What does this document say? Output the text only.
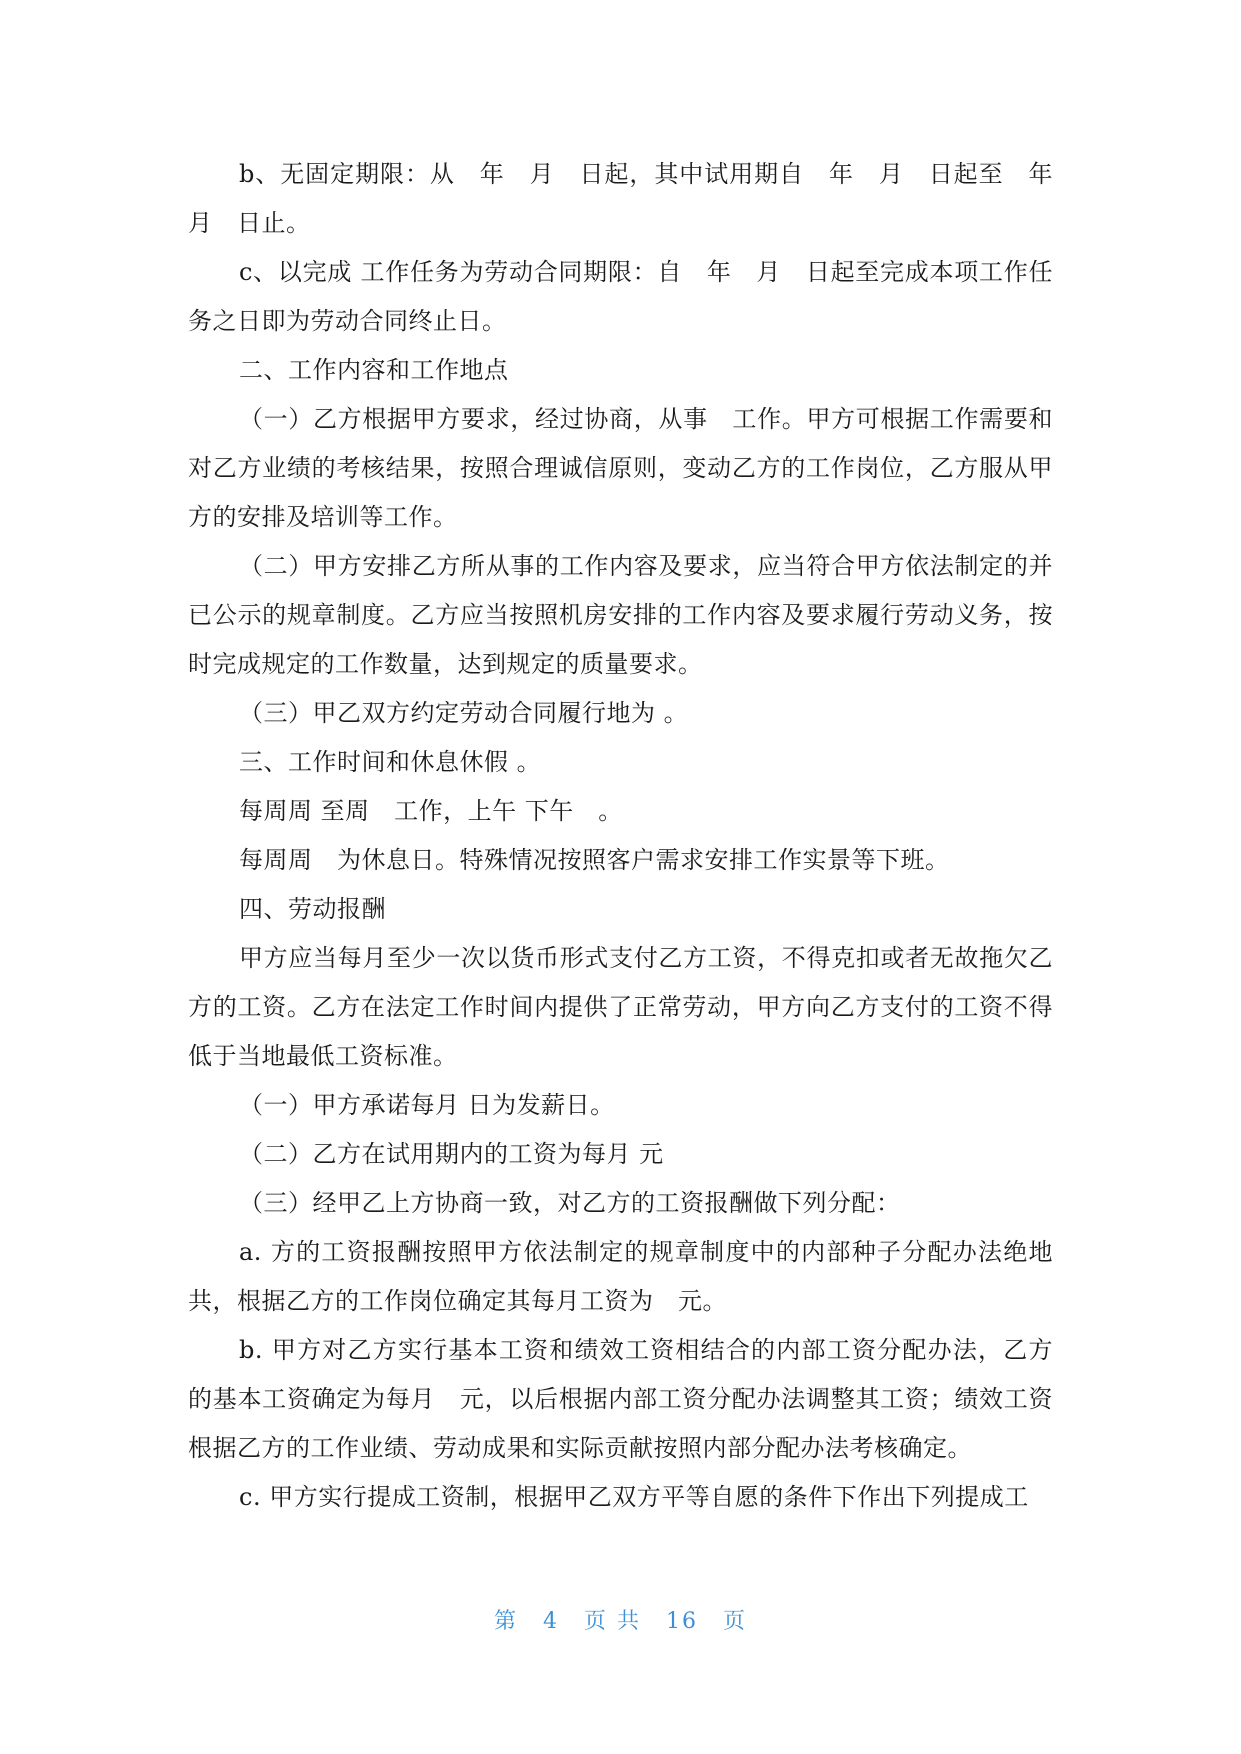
b、无固定期限：从　年　月　日起，其中试用期自　年　月　日起至　年　月　日止。

c、以完成 工作任务为劳动合同期限：自　年　月　日起至完成本项工作任务之日即为劳动合同终止日。

二、工作内容和工作地点

（一）乙方根据甲方要求，经过协商，从事　工作。甲方可根据工作需要和对乙方业绩的考核结果，按照合理诚信原则，变动乙方的工作岗位，乙方服从甲方的安排及培训等工作。

（二）甲方安排乙方所从事的工作内容及要求，应当符合甲方依法制定的并已公示的规章制度。乙方应当按照机房安排的工作内容及要求履行劳动义务，按时完成规定的工作数量，达到规定的质量要求。

（三）甲乙双方约定劳动合同履行地为 。

三、工作时间和休息休假 。

每周周 至周　工作，上午 下午　。

每周周　为休息日。特殊情况按照客户需求安排工作实景等下班。

四、劳动报酬

甲方应当每月至少一次以货币形式支付乙方工资，不得克扣或者无故拖欠乙方的工资。乙方在法定工作时间内提供了正常劳动，甲方向乙方支付的工资不得低于当地最低工资标准。

（一）甲方承诺每月 日为发薪日。

（二）乙方在试用期内的工资为每月 元

（三）经甲乙上方协商一致，对乙方的工资报酬做下列分配：

a. 方的工资报酬按照甲方依法制定的规章制度中的内部种子分配办法绝地共，根据乙方的工作岗位确定其每月工资为　元。

b. 甲方对乙方实行基本工资和绩效工资相结合的内部工资分配办法，乙方的基本工资确定为每月　元，以后根据内部工资分配办法调整其工资；绩效工资根据乙方的工作业绩、劳动成果和实际贡献按照内部分配办法考核确定。

c. 甲方实行提成工资制，根据甲乙双方平等自愿的条件下作出下列提成工

第 4 页 共 16 页
